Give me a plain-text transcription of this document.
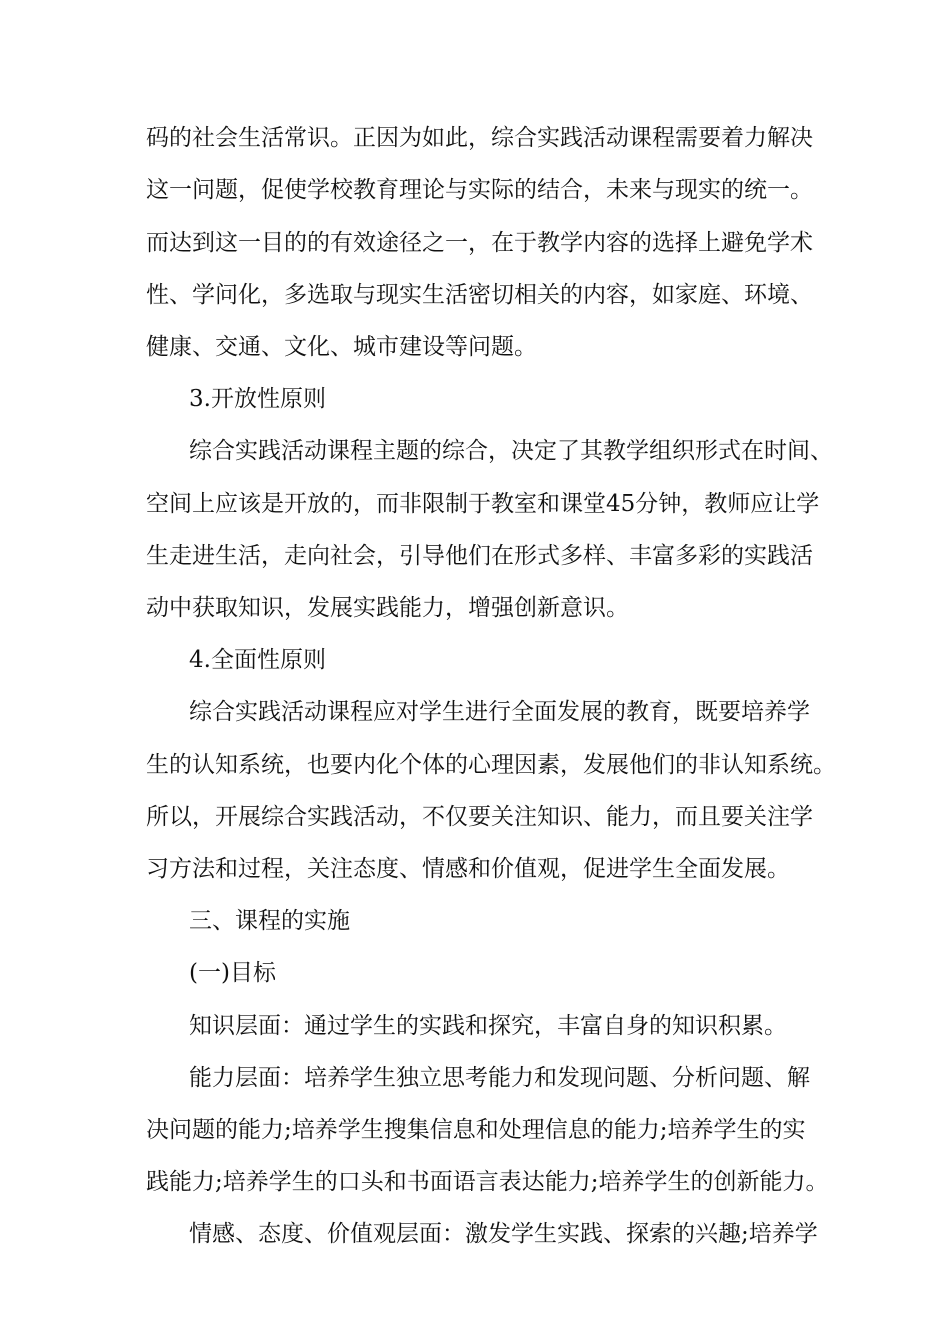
码的社会生活常识。正因为如此，综合实践活动课程需要着力解决
这一问题，促使学校教育理论与实际的结合，未来与现实的统一。
而达到这一目的的有效途径之一，在于教学内容的选择上避免学术
性、学问化，多选取与现实生活密切相关的内容，如家庭、环境、
健康、交通、文化、城市建设等问题。
3.开放性原则
综合实践活动课程主题的综合，决定了其教学组织形式在时间、
空间上应该是开放的，而非限制于教室和课堂45分钟，教师应让学
生走进生活，走向社会，引导他们在形式多样、丰富多彩的实践活
动中获取知识，发展实践能力，增强创新意识。
4.全面性原则
综合实践活动课程应对学生进行全面发展的教育，既要培养学
生的认知系统，也要内化个体的心理因素，发展他们的非认知系统。
所以，开展综合实践活动，不仅要关注知识、能力，而且要关注学
习方法和过程，关注态度、情感和价值观，促进学生全面发展。
三、课程的实施
(一)目标
知识层面：通过学生的实践和探究，丰富自身的知识积累。
能力层面：培养学生独立思考能力和发现问题、分析问题、解
决问题的能力;培养学生搜集信息和处理信息的能力;培养学生的实
践能力;培养学生的口头和书面语言表达能力;培养学生的创新能力。
情感、态度、价值观层面：激发学生实践、探索的兴趣;培养学
